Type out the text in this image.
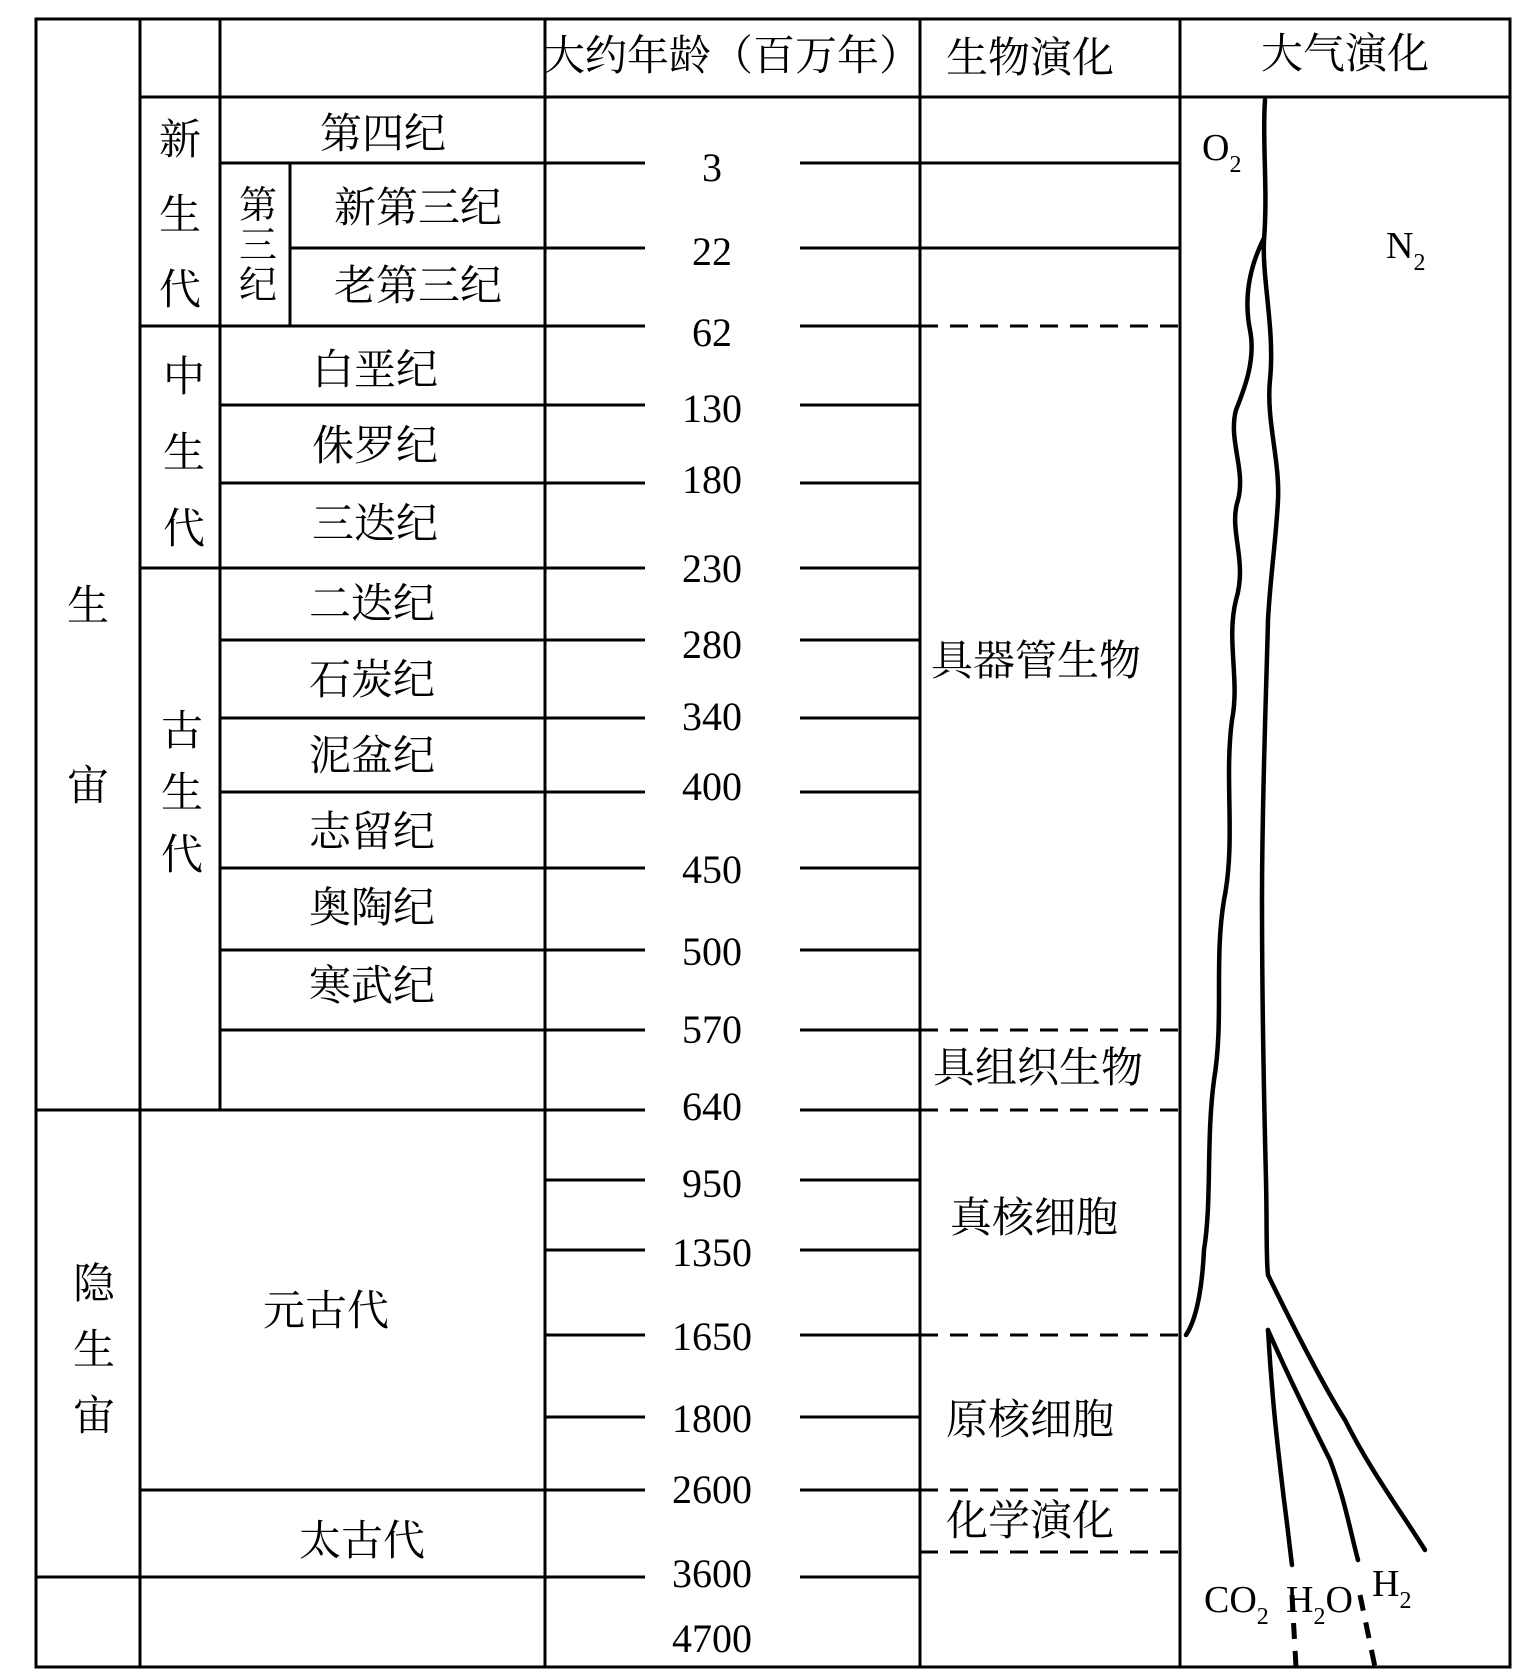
大约年龄（百万年） 生物演化	大气演化
生宙
隐生宙
新生代
中生代
古生代
第三纪
第四纪
新第三纪
老第三纪
白垩纪
侏罗纪
三迭纪
二迭纪
石炭纪
泥盆纪
志留纪
奥陶纪
寒武纪
元古代
太古代
3
22
62
130
180
230
280
340
400
450
500
570
640
950
1350
1650
1800
2600
3600
4700
具器管生物
具组织生物
真核细胞
原核细胞
化学演化
$O_2$
$N_2$
$CO_2$ $H_2O$ $H_2$
